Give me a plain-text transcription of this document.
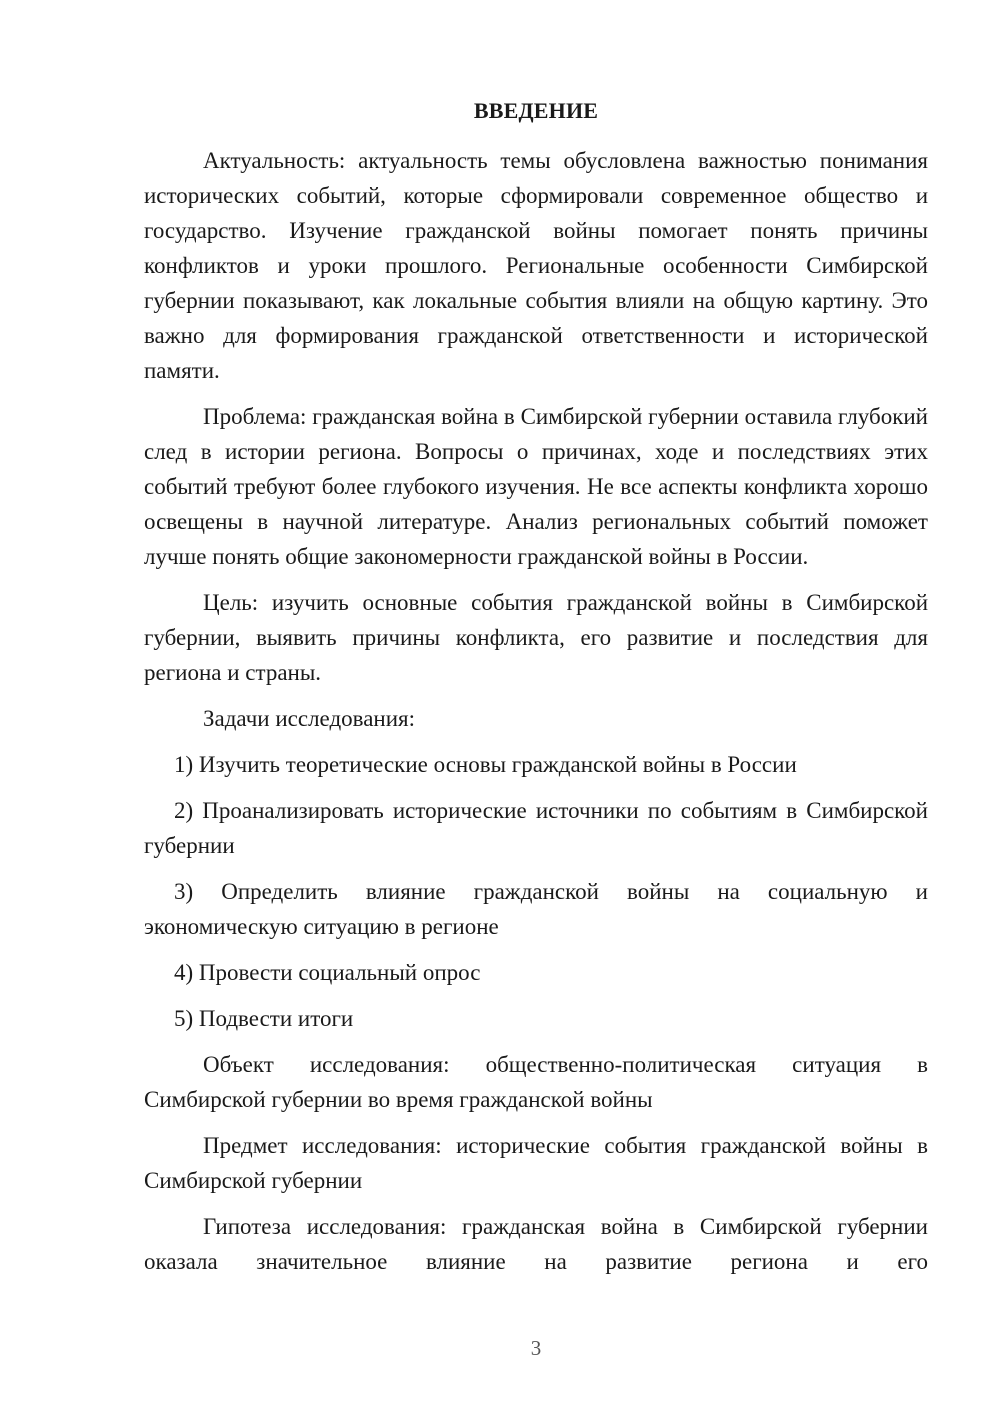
ВВЕДЕНИЕ

Актуальность: актуальность темы обусловлена важностью понимания исторических событий, которые сформировали современное общество и государство. Изучение гражданской войны помогает понять причины конфликтов и уроки прошлого. Региональные особенности Симбирской губернии показывают, как локальные события влияли на общую картину. Это важно для формирования гражданской ответственности и исторической памяти.

Проблема: гражданская война в Симбирской губернии оставила глубокий след в истории региона. Вопросы о причинах, ходе и последствиях этих событий требуют более глубокого изучения. Не все аспекты конфликта хорошо освещены в научной литературе. Анализ региональных событий поможет лучше понять общие закономерности гражданской войны в России.

Цель: изучить основные события гражданской войны в Симбирской губернии, выявить причины конфликта, его развитие и последствия для региона и страны.

Задачи исследования:

1) Изучить теоретические основы гражданской войны в России

2) Проанализировать исторические источники по событиям в Симбирской губернии

3) Определить влияние гражданской войны на социальную и экономическую ситуацию в регионе

4) Провести социальный опрос

5) Подвести итоги

Объект исследования: общественно-политическая ситуация в Симбирской губернии во время гражданской войны

Предмет исследования: исторические события гражданской войны в Симбирской губернии

Гипотеза исследования: гражданская война в Симбирской губернии оказала значительное влияние на развитие региона и его

3
